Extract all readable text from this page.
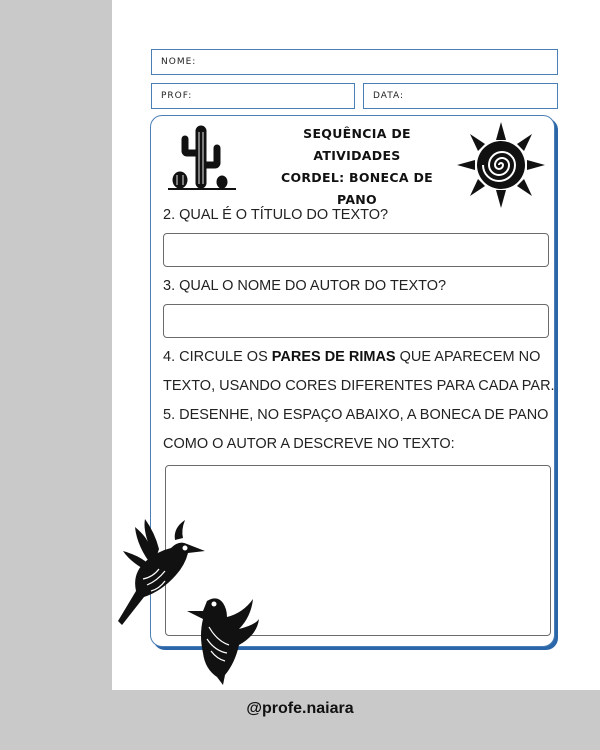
NOME:
PROF:	DATA:
SEQUÊNCIA DE ATIVIDADES
CORDEL: BONECA DE PANO
2. QUAL É O TÍTULO DO TEXTO?
3. QUAL O NOME DO AUTOR DO TEXTO?
4. CIRCULE OS PARES DE RIMAS QUE APARECEM NO
TEXTO, USANDO CORES DIFERENTES PARA CADA PAR.
5. DESENHE, NO ESPAÇO ABAIXO, A BONECA DE PANO
COMO O AUTOR A DESCREVE NO TEXTO:
@profe.naiara
